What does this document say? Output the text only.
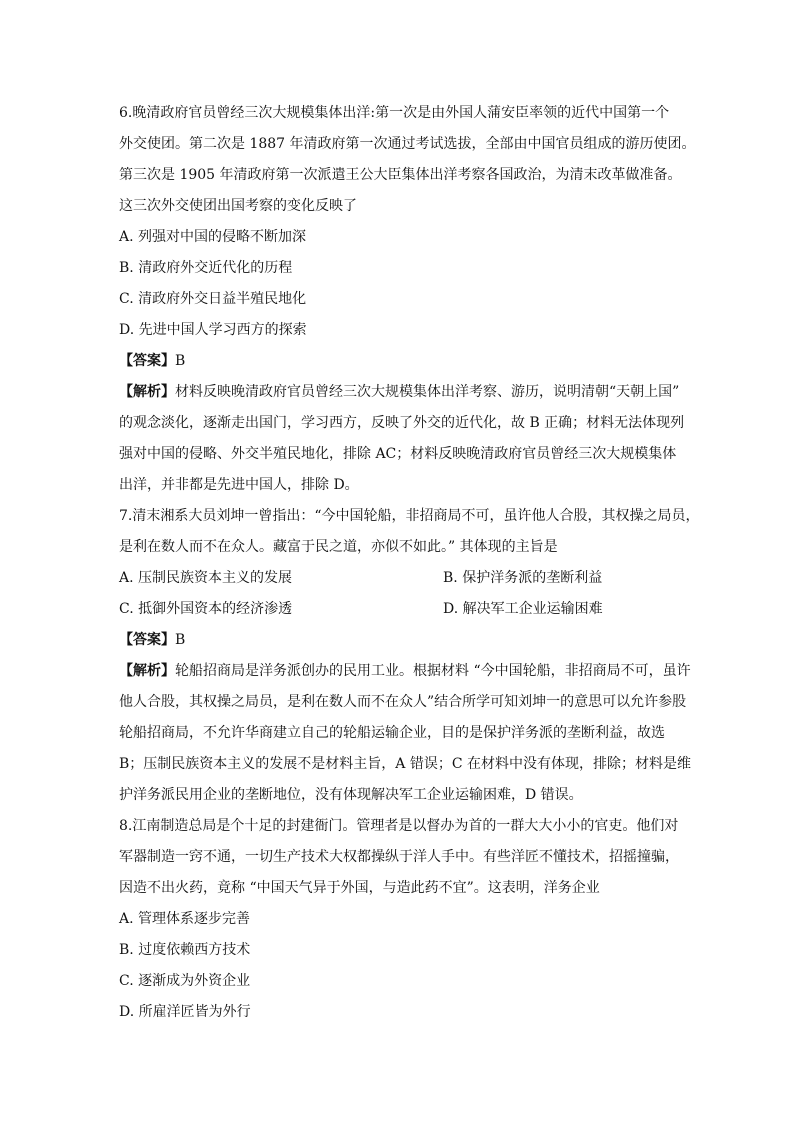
6.晚清政府官员曾经三次大规模集体出洋:第一次是由外国人蒲安臣率领的近代中国第一个
外交使团。第二次是 1887 年清政府第一次通过考试选拔，全部由中国官员组成的游历使团。
第三次是 1905 年清政府第一次派遣王公大臣集体出洋考察各国政治，为清末改革做准备。
这三次外交使团出国考察的变化反映了
A. 列强对中国的侵略不断加深
B. 清政府外交近代化的历程
C. 清政府外交日益半殖民地化
D. 先进中国人学习西方的探索
【答案】B
【解析】材料反映晚清政府官员曾经三次大规模集体出洋考察、游历，说明清朝“天朝上国”
的观念淡化，逐渐走出国门，学习西方，反映了外交的近代化，故 B 正确；材料无法体现列
强对中国的侵略、外交半殖民地化，排除 AC；材料反映晚清政府官员曾经三次大规模集体
出洋，并非都是先进中国人，排除 D。
7.清末湘系大员刘坤一曾指出：“今中国轮船，非招商局不可，虽许他人合股，其权操之局员，
是利在数人而不在众人。藏富于民之道，亦似不如此。” 其体现的主旨是
A. 压制民族资本主义的发展	B. 保护洋务派的垄断利益
C. 抵御外国资本的经济渗透	D. 解决军工企业运输困难
【答案】B
【解析】轮船招商局是洋务派创办的民用工业。根据材料 “今中国轮船，非招商局不可，虽许
他人合股，其权操之局员，是利在数人而不在众人”结合所学可知刘坤一的意思可以允许参股
轮船招商局，不允许华商建立自己的轮船运输企业，目的是保护洋务派的垄断利益，故选
B；压制民族资本主义的发展不是材料主旨，A 错误；C 在材料中没有体现，排除；材料是维
护洋务派民用企业的垄断地位，没有体现解决军工企业运输困难，D 错误。
8.江南制造总局是个十足的封建衙门。管理者是以督办为首的一群大大小小的官吏。他们对
军器制造一窍不通，一切生产技术大权都操纵于洋人手中。有些洋匠不懂技术，招摇撞骗，
因造不出火药，竟称 “中国天气异于外国，与造此药不宜”。这表明，洋务企业
A. 管理体系逐步完善
B. 过度依赖西方技术
C. 逐渐成为外资企业
D. 所雇洋匠皆为外行
